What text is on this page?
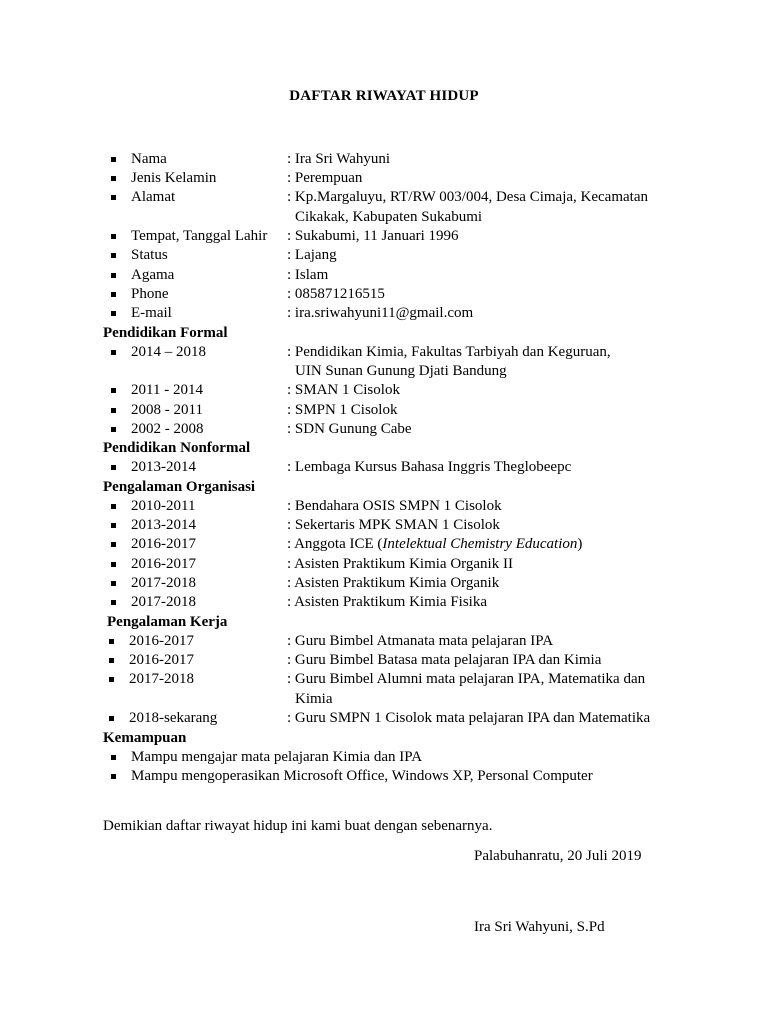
DAFTAR RIWAYAT HIDUP
Nama	: Ira Sri Wahyuni
Jenis Kelamin	: Perempuan
Alamat	: Kp.Margaluyu, RT/RW 003/004, Desa Cimaja, Kecamatan
Cikakak, Kabupaten Sukabumi
Tempat, Tanggal Lahir : Sukabumi, 11 Januari 1996
Status	: Lajang
Agama	: Islam
Phone	: 085871216515
E-mail	: ira.sriwahyuni11@gmail.com
Pendidikan Formal
2014 – 2018	: Pendidikan Kimia, Fakultas Tarbiyah dan Keguruan,
UIN Sunan Gunung Djati Bandung
2011 - 2014	: SMAN 1 Cisolok
2008 - 2011	: SMPN 1 Cisolok
2002 - 2008	: SDN Gunung Cabe
Pendidikan Nonformal
2013-2014	: Lembaga Kursus Bahasa Inggris Theglobeepc
Pengalaman Organisasi
2010-2011	: Bendahara OSIS SMPN 1 Cisolok
2013-2014	: Sekertaris MPK SMAN 1 Cisolok
2016-2017	: Anggota ICE (Intelektual Chemistry Education)
2016-2017	: Asisten Praktikum Kimia Organik II
2017-2018	: Asisten Praktikum Kimia Organik
2017-2018	: Asisten Praktikum Kimia Fisika
Pengalaman Kerja
2016-2017	: Guru Bimbel Atmanata mata pelajaran IPA
2016-2017	: Guru Bimbel Batasa mata pelajaran IPA dan Kimia
2017-2018	: Guru Bimbel Alumni mata pelajaran IPA, Matematika dan
Kimia
2018-sekarang	: Guru SMPN 1 Cisolok mata pelajaran IPA dan Matematika
Kemampuan
Mampu mengajar mata pelajaran Kimia dan IPA
Mampu mengoperasikan Microsoft Office, Windows XP, Personal Computer
Demikian daftar riwayat hidup ini kami buat dengan sebenarnya.
Palabuhanratu, 20 Juli 2019
Ira Sri Wahyuni, S.Pd
